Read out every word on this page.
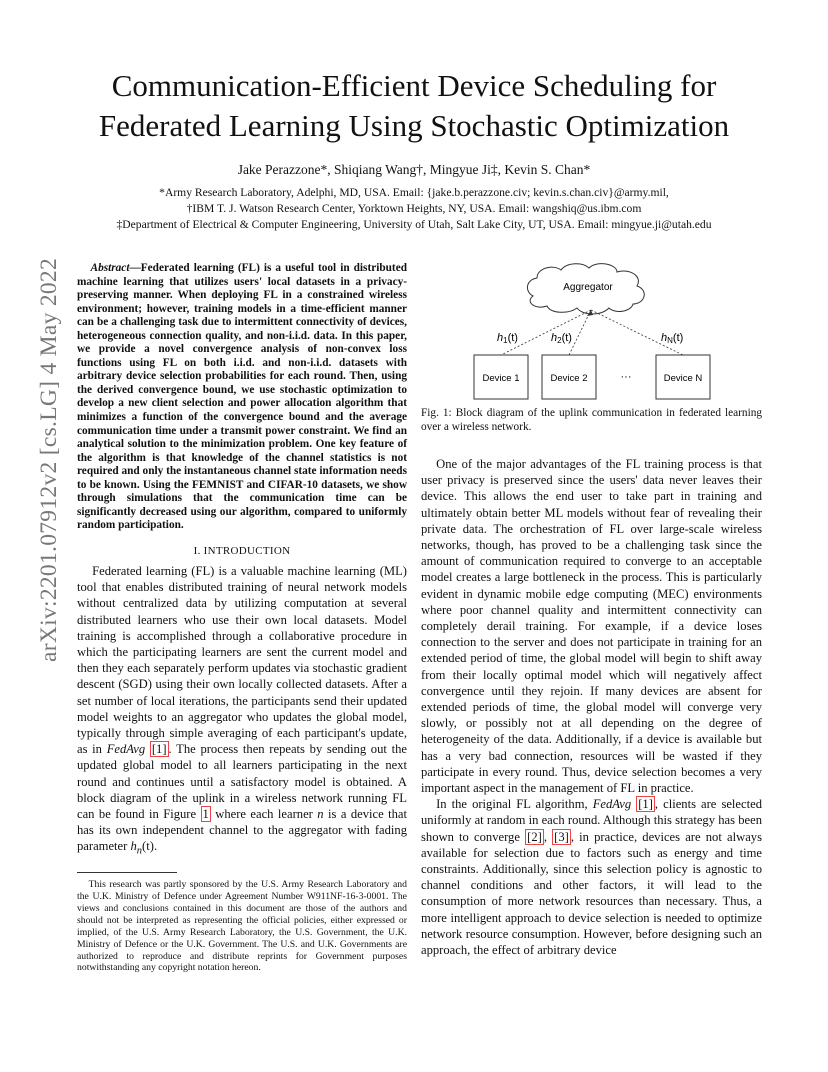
Communication-Efficient Device Scheduling for
Federated Learning Using Stochastic Optimization

Jake Perazzone*, Shiqiang Wang†, Mingyue Ji‡, Kevin S. Chan*

*Army Research Laboratory, Adelphi, MD, USA. Email: {jake.b.perazzone.civ; kevin.s.chan.civ}@army.mil,

†IBM T. J. Watson Research Center, Yorktown Heights, NY, USA. Email: wangshiq@us.ibm.com

‡Department of Electrical & Computer Engineering, University of Utah, Salt Lake City, UT, USA. Email: mingyue.ji@utah.edu

arXiv:2201.07912v2 [cs.LG] 4 May 2022	Abstract—Federated learning (FL) is a useful tool in distributed machine learning that utilizes users' local datasets in a privacy-preserving manner. When deploying FL in a constrained wireless environment; however, training models in a time-efficient manner can be a challenging task due to intermittent connectivity of devices, heterogeneous connection quality, and non-i.i.d. data. In this paper, we provide a novel convergence analysis of non-convex loss functions using FL on both i.i.d. and non-i.i.d. datasets with arbitrary device selection probabilities for each round. Then, using the derived convergence bound, we use stochastic optimization to develop a new client selection and power allocation algorithm that minimizes a function of the convergence bound and the average communication time under a transmit power constraint. We find an analytical solution to the minimization problem. One key feature of the algorithm is that knowledge of the channel statistics is not required and only the instantaneous channel state information needs to be known. Using the FEMNIST and CIFAR-10 datasets, we show through simulations that the communication time can be significantly decreased using our algorithm, compared to uniformly random participation.

I. INTRODUCTION

Federated learning (FL) is a valuable machine learning (ML) tool that enables distributed training of neural network models without centralized data by utilizing computation at several distributed learners who use their own local datasets. Model training is accomplished through a collaborative procedure in which the participating learners are sent the current model and then they each separately perform updates via stochastic gradient descent (SGD) using their own locally collected datasets. After a set number of local iterations, the participants send their updated model weights to an aggregator who updates the global model, typically through simple averaging of each participant's update, as in FedAvg [1] . The process then repeats by sending out the updated global model to all learners participating in the next round and continues until a satisfactory model is obtained. A block diagram of the uplink in a wireless network running FL can be found in Figure 1 where each learner n is a device that has its own independent channel to the aggregator with fading parameter $h_n(t)$.

This research was partly sponsored by the U.S. Army Research Laboratory and the U.K. Ministry of Defence under Agreement Number W911NF-16-3-0001. The views and conclusions contained in this document are those of the authors and should not be interpreted as representing the official policies, either expressed or implied, of the U.S. Army Research Laboratory, the U.S. Government, the U.K. Ministry of Defence or the U.K. Government. The U.S. and U.K. Governments are authorized to reproduce and distribute reprints for Government purposes notwithstanding any copyright notation hereon.

Aggregator
h1(t)	h2(t)	hN(t)
Device 1	Device 2	···	Device N

Fig. 1: Block diagram of the uplink communication in federated learning over a wireless network.

One of the major advantages of the FL training process is that user privacy is preserved since the users' data never leaves their device. This allows the end user to take part in training and ultimately obtain better ML models without fear of revealing their private data. The orchestration of FL over large-scale wireless networks, though, has proved to be a challenging task since the amount of communication required to converge to an acceptable model creates a large bottleneck in the process. This is particularly evident in dynamic mobile edge computing (MEC) environments where poor channel quality and intermittent connectivity can completely derail training. For example, if a device loses connection to the server and does not participate in training for an extended period of time, the global model will begin to shift away from their locally optimal model which will negatively affect convergence until they rejoin. If many devices are absent for extended periods of time, the global model will converge very slowly, or possibly not at all depending on the degree of heterogeneity of the data. Additionally, if a device is available but has a very bad connection, resources will be wasted if they participate in every round. Thus, device selection becomes a very important aspect in the management of FL in practice.

In the original FL algorithm, FedAvg [1] , clients are selected uniformly at random in each round. Although this strategy has been shown to converge [2] , [3] , in practice, devices are not always available for selection due to factors such as energy and time constraints. Additionally, since this selection policy is agnostic to channel conditions and other factors, it will lead to the consumption of more network resources than necessary. Thus, a more intelligent approach to device selection is needed to optimize network resource consumption. However, before designing such an approach, the effect of arbitrary device
